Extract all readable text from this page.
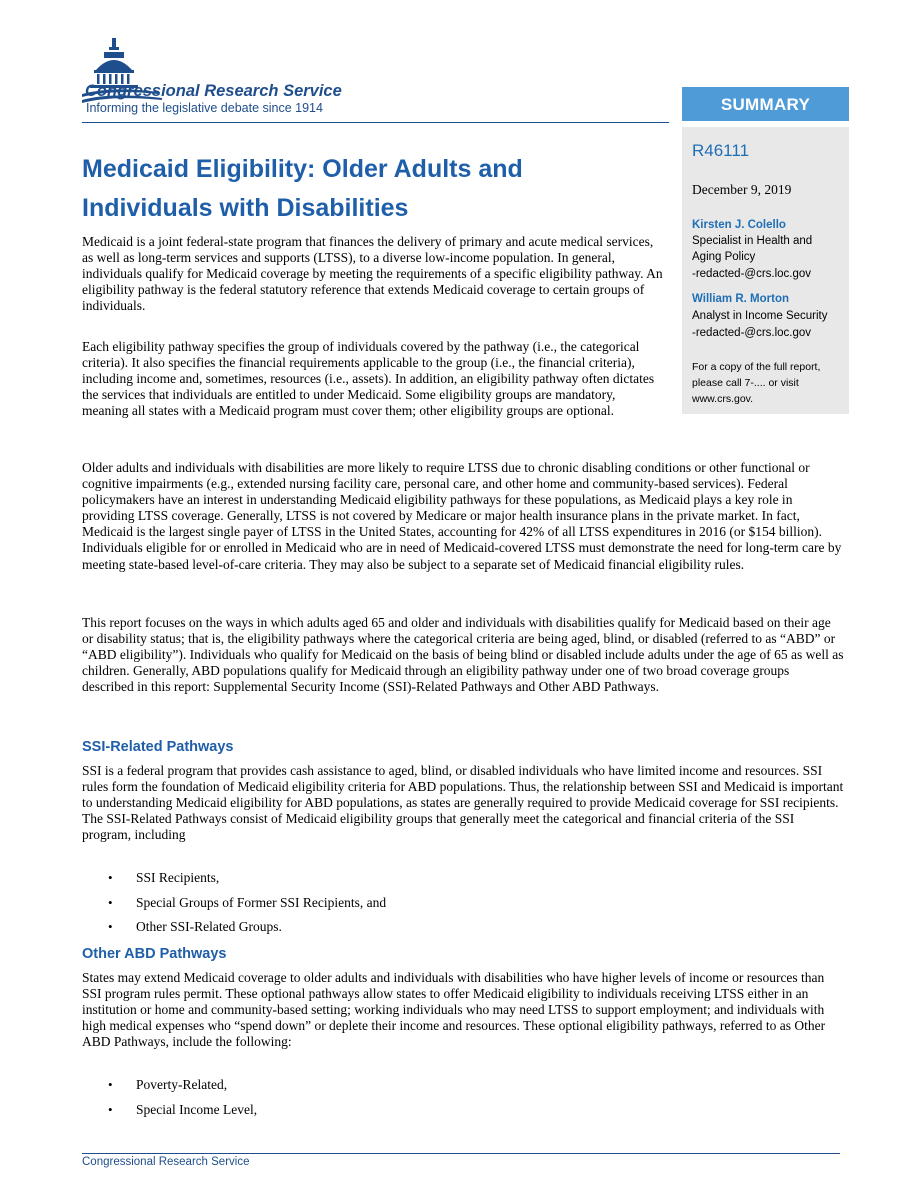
Congressional Research Service
Informing the legislative debate since 1914	SUMMARY
R46111
December 9, 2019
Kirsten J. Colello
Specialist in Health and
Aging Policy
-redacted-@crs.loc.gov
William R. Morton
Analyst in Income Security
-redacted-@crs.loc.gov
For a copy of the full report,
please call 7-.... or visit
www.crs.gov.
Medicaid Eligibility: Older Adults and Individuals with Disabilities

Medicaid is a joint federal-state program that finances the delivery of primary and acute medical services, as well as long-term services and supports (LTSS), to a diverse low-income population. In general, individuals qualify for Medicaid coverage by meeting the requirements of a specific eligibility pathway. An eligibility pathway is the federal statutory reference that extends Medicaid coverage to certain groups of individuals.

Each eligibility pathway specifies the group of individuals covered by the pathway (i.e., the categorical criteria). It also specifies the financial requirements applicable to the group (i.e., the financial criteria), including income and, sometimes, resources (i.e., assets). In addition, an eligibility pathway often dictates the services that individuals are entitled to under Medicaid. Some eligibility groups are mandatory, meaning all states with a Medicaid program must cover them; other eligibility groups are optional.

Older adults and individuals with disabilities are more likely to require LTSS due to chronic disabling conditions or other functional or cognitive impairments (e.g., extended nursing facility care, personal care, and other home and community-based services). Federal policymakers have an interest in understanding Medicaid eligibility pathways for these populations, as Medicaid plays a key role in providing LTSS coverage. Generally, LTSS is not covered by Medicare or major health insurance plans in the private market. In fact, Medicaid is the largest single payer of LTSS in the United States, accounting for 42% of all LTSS expenditures in 2016 (or $154 billion). Individuals eligible for or enrolled in Medicaid who are in need of Medicaid-covered LTSS must demonstrate the need for long-term care by meeting state-based level-of-care criteria. They may also be subject to a separate set of Medicaid financial eligibility rules.

This report focuses on the ways in which adults aged 65 and older and individuals with disabilities qualify for Medicaid based on their age or disability status; that is, the eligibility pathways where the categorical criteria are being aged, blind, or disabled (referred to as “ABD” or “ABD eligibility”). Individuals who qualify for Medicaid on the basis of being blind or disabled include adults under the age of 65 as well as children. Generally, ABD populations qualify for Medicaid through an eligibility pathway under one of two broad coverage groups described in this report: Supplemental Security Income (SSI)-Related Pathways and Other ABD Pathways.

SSI-Related Pathways

SSI is a federal program that provides cash assistance to aged, blind, or disabled individuals who have limited income and resources. SSI rules form the foundation of Medicaid eligibility criteria for ABD populations. Thus, the relationship between SSI and Medicaid is important to understanding Medicaid eligibility for ABD populations, as states are generally required to provide Medicaid coverage for SSI recipients. The SSI-Related Pathways consist of Medicaid eligibility groups that generally meet the categorical and financial criteria of the SSI program, including

• SSI Recipients,
• Special Groups of Former SSI Recipients, and
• Other SSI-Related Groups.
Other ABD Pathways

States may extend Medicaid coverage to older adults and individuals with disabilities who have higher levels of income or resources than SSI program rules permit. These optional pathways allow states to offer Medicaid eligibility to individuals receiving LTSS either in an institution or home and community-based setting; working individuals who may need LTSS to support employment; and individuals with high medical expenses who “spend down” or deplete their income and resources. These optional eligibility pathways, referred to as Other ABD Pathways, include the following:

• Poverty-Related,
• Special Income Level,
Congressional Research Service
